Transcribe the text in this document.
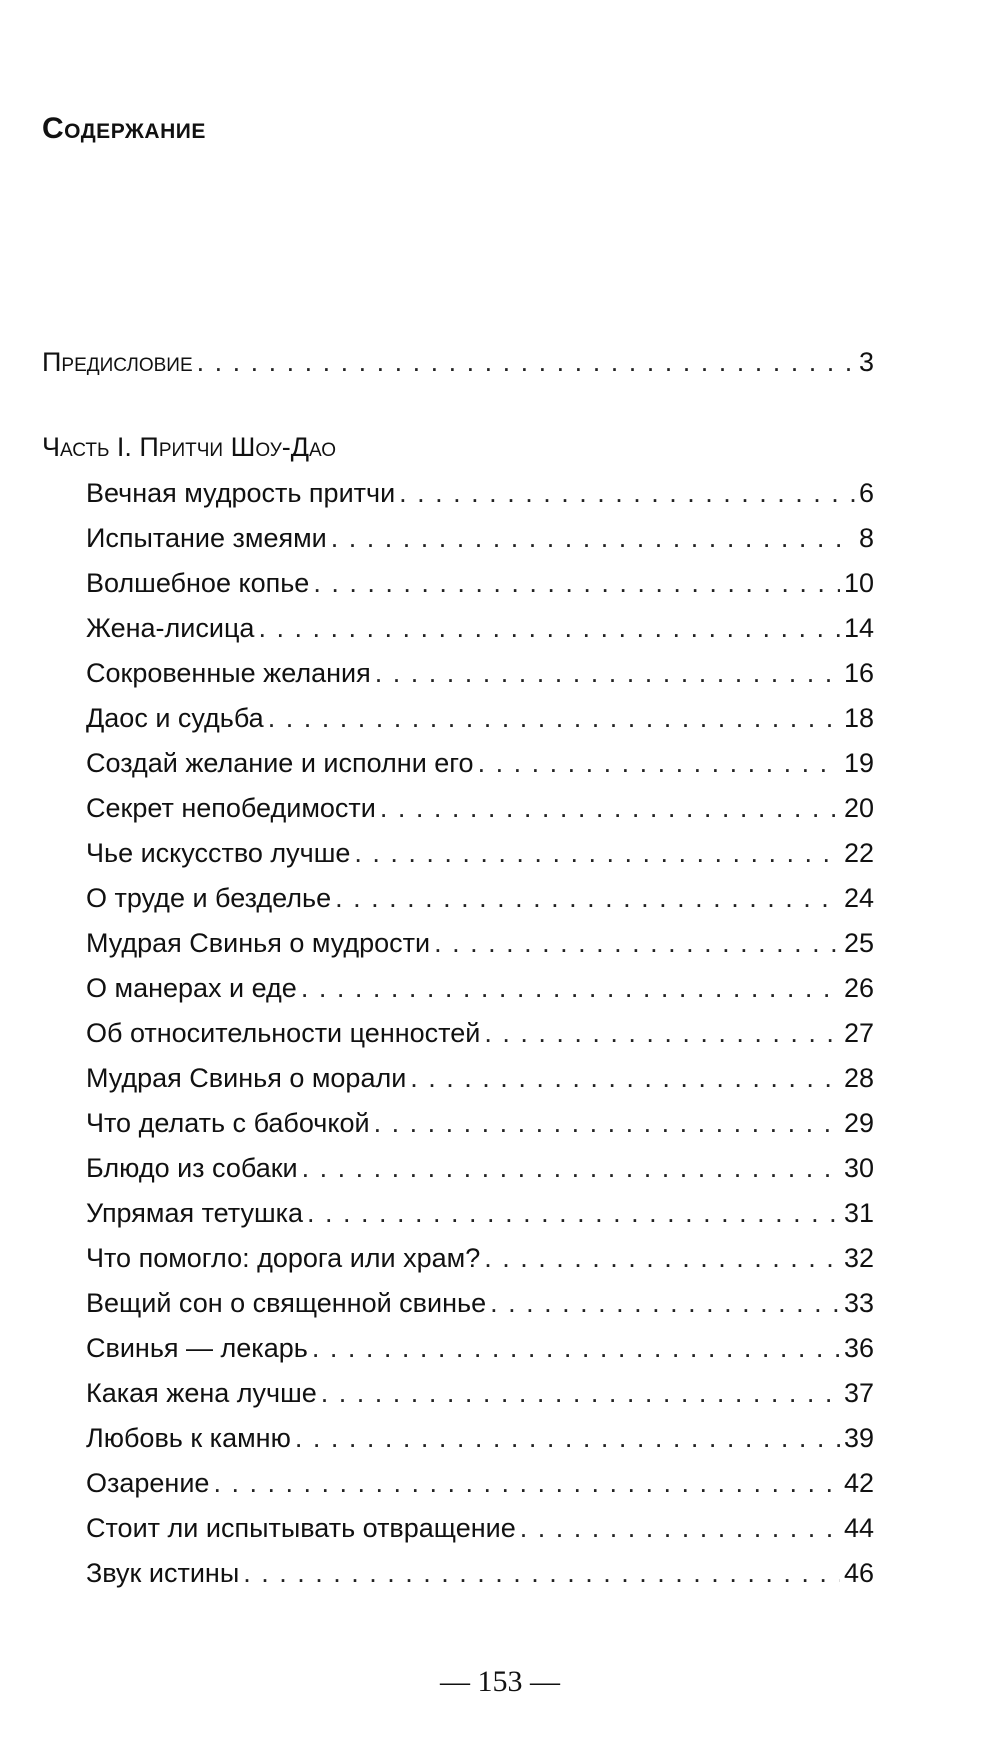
Содержание
Предисловие . . .	3
Часть I. Притчи Шоу-Дао
Вечная мудрость притчи . . .	6
Испытание змеями . . .	8
Волшебное копье . . .	10
Жена-лисица . . .	14
Сокровенные желания . . .	16
Даос и судьба . . .	18
Создай желание и исполни его . . .	19
Секрет непобедимости . . .	20
Чье искусство лучше . . .	22
О труде и безделье . . .	24
Мудрая Свинья о мудрости . . .	25
О манерах и еде . . .	26
Об относительности ценностей . . .	27
Мудрая Свинья о морали . . .	28
Что делать с бабочкой . . .	29
Блюдо из собаки . . .	30
Упрямая тетушка . . .	31
Что помогло: дорога или храм? . . .	32
Вещий сон о священной свинье . . .	33
Свинья — лекарь . . .	36
Какая жена лучше . . .	37
Любовь к камню . . .	39
Озарение . . .	42
Стоит ли испытывать отвращение . . .	44
Звук истины . . .	46
— 153 —
